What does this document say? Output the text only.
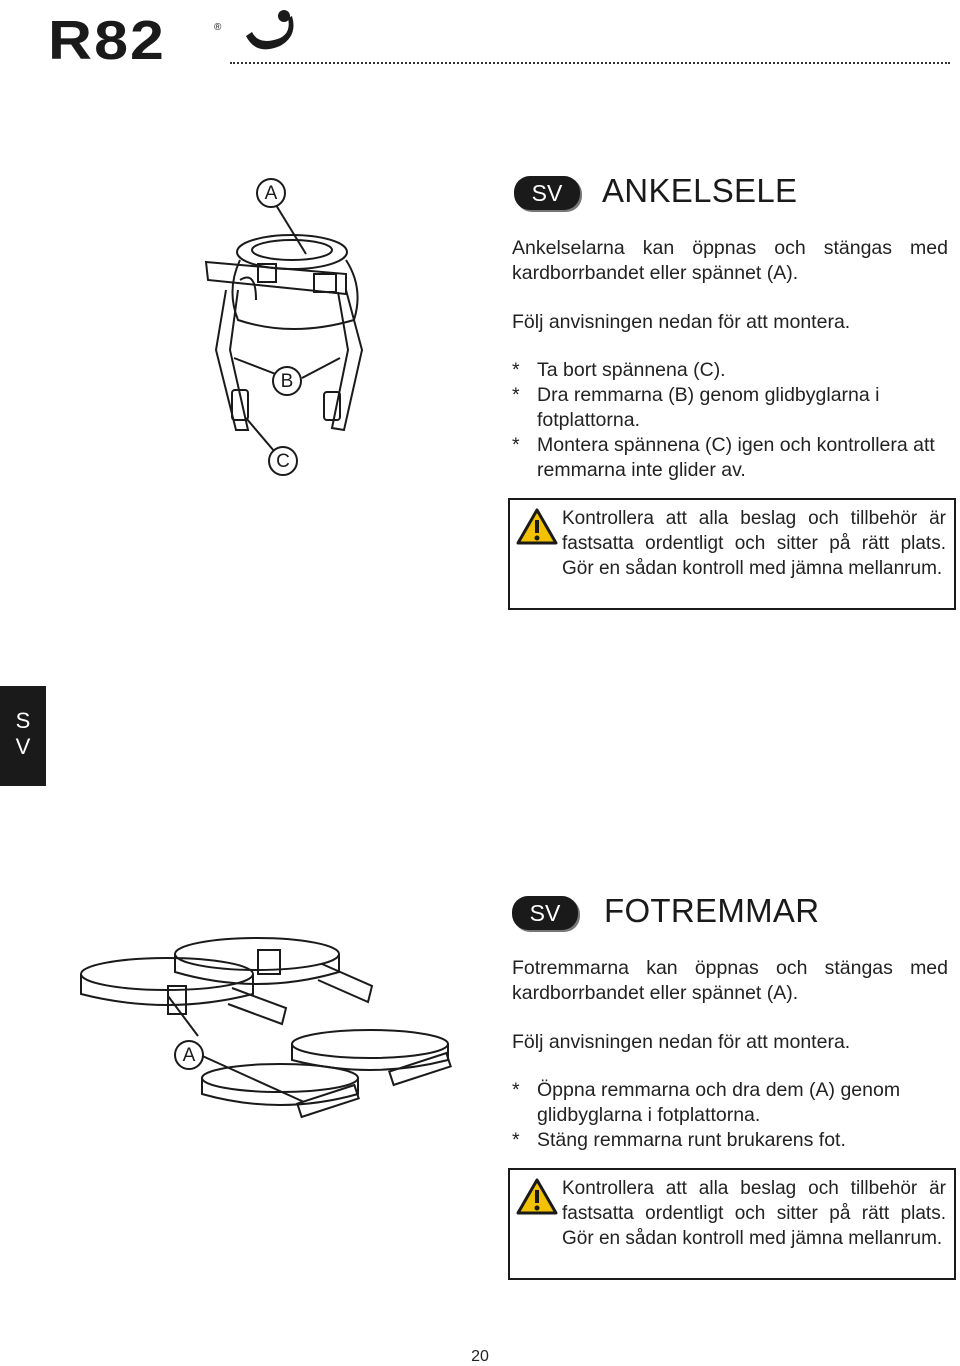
R82	®
S
V
A
B
C
SV	ANKELSELE
Ankelselarna kan öppnas och stängas med kardborrbandet eller spännet (A).
Följ anvisningen nedan för att montera.
* Ta bort spännena (C).
* Dra remmarna (B) genom glidbyglarna i fotplattorna.
* Montera spännena (C) igen och kontrollera att remmarna inte glider av.
Kontrollera att alla beslag och tillbehör är fastsatta ordentligt och sitter på rätt plats. Gör en sådan kontroll med jämna mellanrum.
A
SV	FOTREMMAR
Fotremmarna kan öppnas och stängas med kardborrbandet eller spännet (A).
Följ anvisningen nedan för att montera.
* Öppna remmarna och dra dem (A) genom glidbyglarna i fotplattorna.
* Stäng remmarna runt brukarens fot.
Kontrollera att alla beslag och tillbehör är fastsatta ordentligt och sitter på rätt plats. Gör en sådan kontroll med jämna mellanrum.
20
